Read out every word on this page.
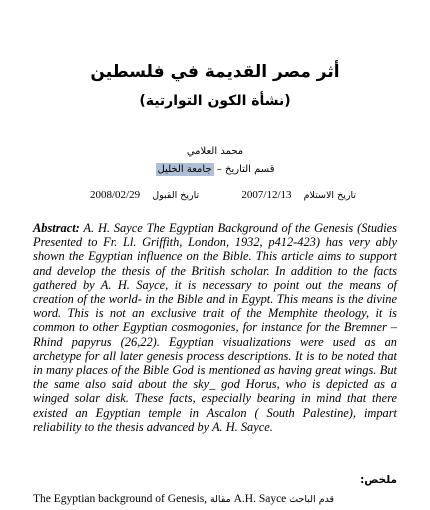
أثر مصر القديمة في فلسطين
(نشأة الكون التوارتية)
محمد العلامي
قسم التاريخ – جامعة الخليل
تاريخ الاستلام    2007/12/13
تاريخ القبول    2008/02/29
Abstract: A. H. Sayce The Egyptian Background of the Genesis (Studies Presented to Fr. Ll. Griffith, London, 1932, p412-423) has very ably shown the Egyptian influence on the Bible. This article aims to support and develop the thesis of the British scholar. In addition to the facts gathered by A. H. Sayce, it is necessary to point out the means of creation of the world- in the Bible and in Egypt. This means is the divine word. This is not an exclusive trait of the Memphite theology, it is common to other Egyptian cosmogonies, for instance for the Bremner – Rhind papyrus (26,22). Egyptian visualizations were used as an archetype for all later genesis process descriptions. It is to be noted that in many places of the Bible God is mentioned as having great wings. But the same also said about the sky_ god Horus, who is depicted as a winged solar disk. These facts, especially bearing in mind that there existed an Egyptian temple in Ascalon ( South Palestine), impart reliability to the thesis advanced by A. H. Sayce.
ملخص:
The Egyptian background of Genesis, مقالة A.H. Sayce قدم الباحث
